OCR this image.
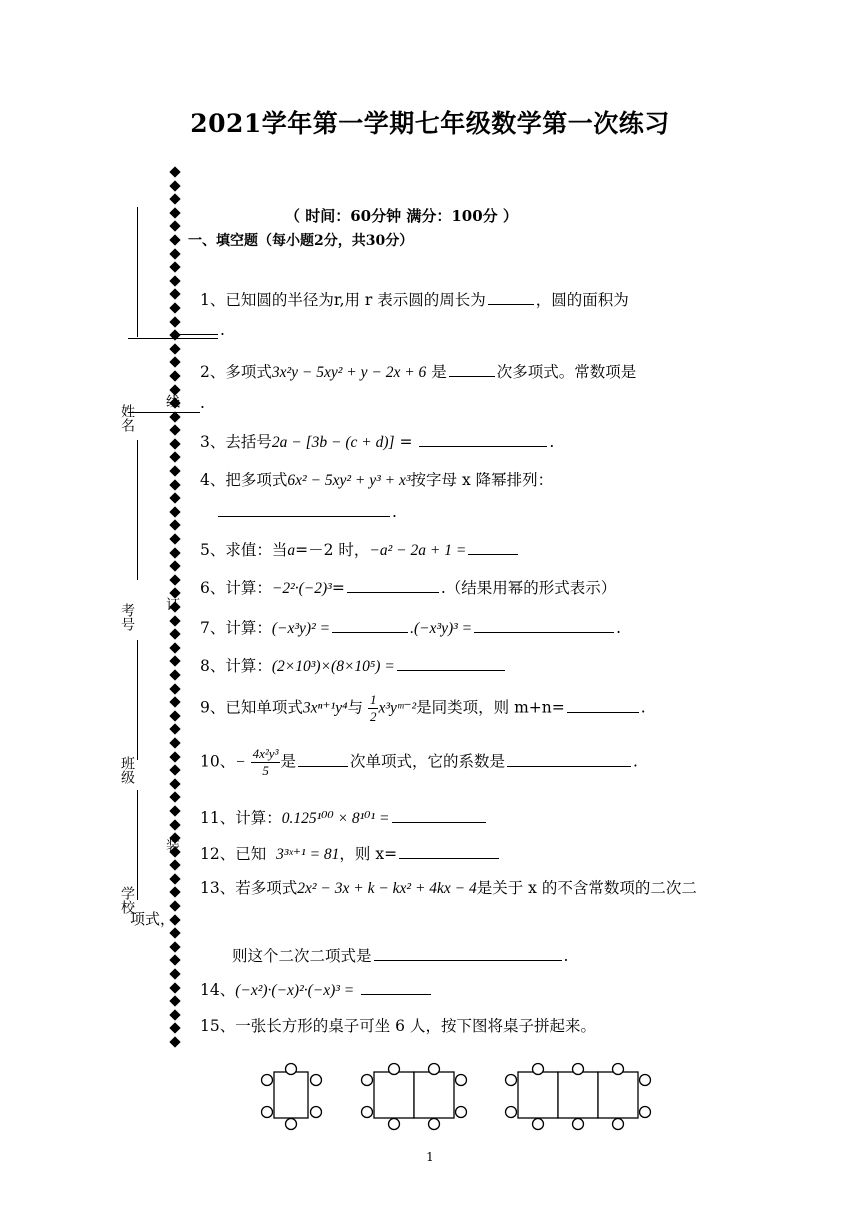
2021学年第一学期七年级数学第一次练习
（ 时间：60分钟 满分：100分 ）
一、填空题（每小题2分，共30分）
姓名
考号
班级
学校
线
订
装
项式，
1、已知圆的半径为r,用 r 表示圆的周长为	，圆的面积为
.
2、多项式3x²y − 5xy² + y − 2x + 6 是	次多项式。常数项是
.
3、去括号2a − [3b − (c + d)] =	.
4、把多项式6x² − 5xy² + y³ + x³按字母 x 降幂排列：
.
5、求值：当a=－2 时，−a² − 2a + 1 =
6、计算：−2²·(−2)³=	.（结果用幂的形式表示）
7、计算：(−x³y)² =	.(−x³y)³ =	.
8、计算：(2×10³)×(8×10⁵) =
9、已知单项式3xⁿ⁺¹y⁴与 $\frac{1}{2}$ x³yᵐ⁻²是同类项，则 m+n=	.
10、− $\frac{\text{4x²y³}}{5}$ 是	次单项式，它的系数是	.
11、计算：0.125¹⁰⁰ × 8¹⁰¹ =
12、已知 3³ˣ⁺¹ = 81，则 x=
13、若多项式2x² − 3x + k − kx² + 4kx − 4是关于 x 的不含常数项的二次二
则这个二次二项式是	.
14、(−x²)·(−x)²·(−x)³ =
15、一张长方形的桌子可坐 6 人，按下图将桌子拼起来。
1
